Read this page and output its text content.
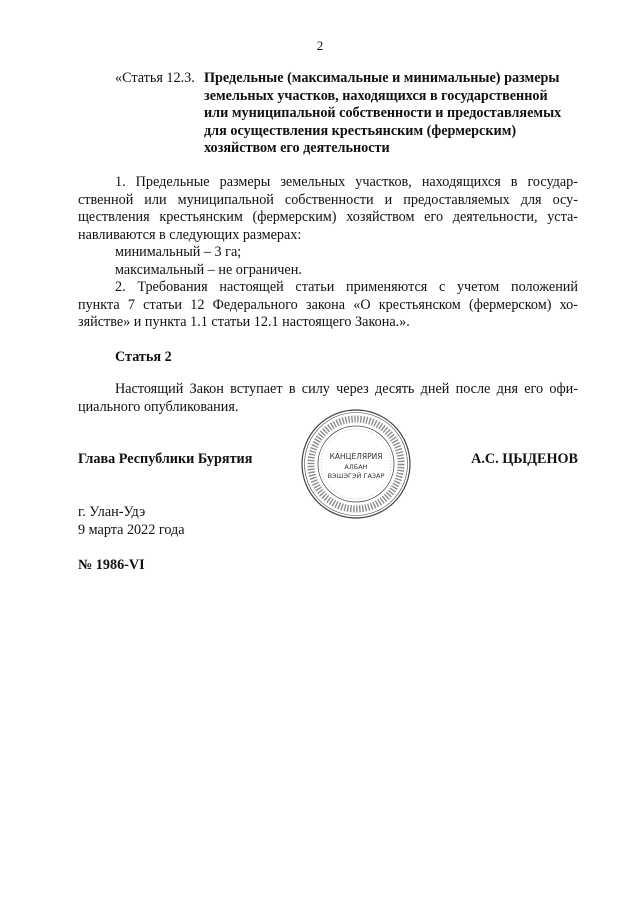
2
«Статья 12.3. Предельные (максимальные и минимальные) размеры
земельных участков, находящихся в государственной
или муниципальной собственности и предоставляемых
для осуществления крестьянским (фермерским)
хозяйством его деятельности

1. Предельные размеры земельных участков, находящихся в государ-
ственной или муниципальной собственности и предоставляемых для осу-
ществления крестьянским (фермерским) хозяйством его деятельности, уста-
навливаются в следующих размерах:

минимальный – 3 га;

максимальный – не ограничен.

2. Требования настоящей статьи применяются с учетом положений
пункта 7 статьи 12 Федерального закона «О крестьянском (фермерском) хо-
зяйстве» и пункта 1.1 статьи 12.1 настоящего Закона.».

Статья 2

Настоящий Закон вступает в силу через десять дней после дня его офи-
циального опубликования.

Глава Республики Бурятия	А.С. ЦЫДЕНОВ
КАНЦЕЛЯРИЯ
АЛБАН
ВЭШЭГЭЙ ГАЗАР
г. Улан-Удэ
9 марта 2022 года
№ 1986-VI
